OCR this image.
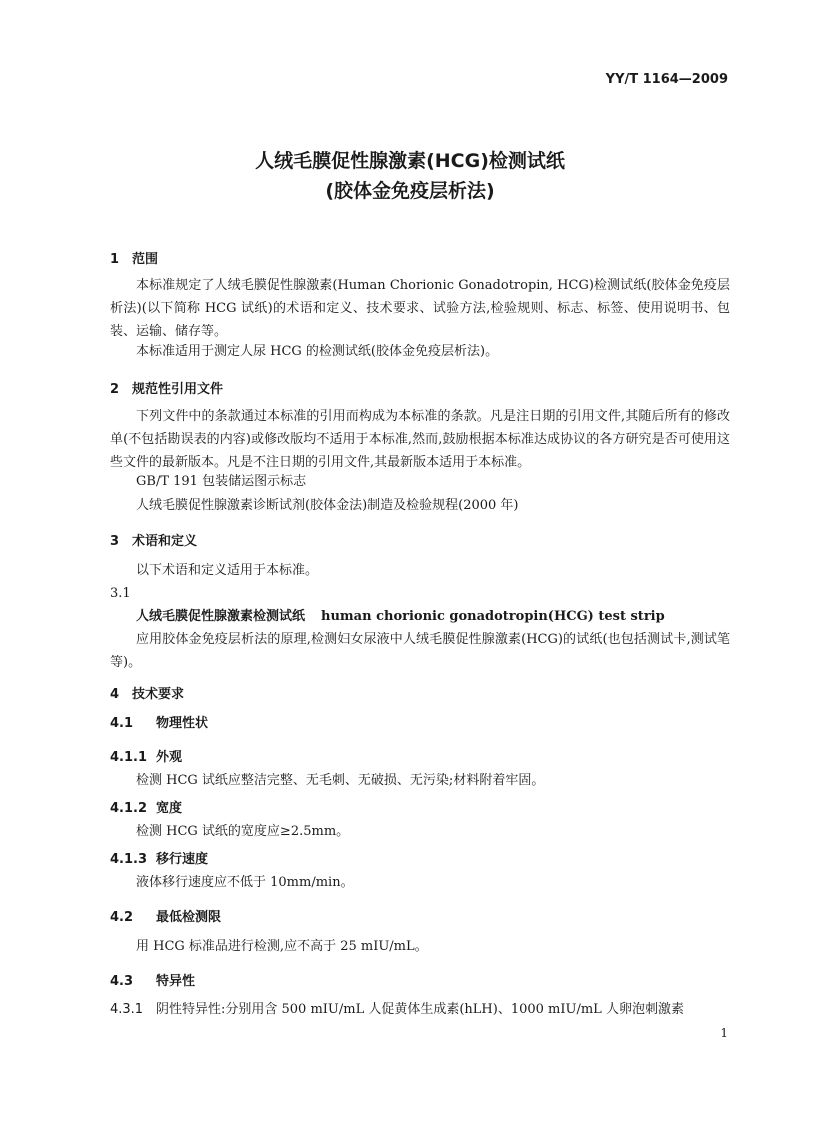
YY/T 1164—2009
人绒毛膜促性腺激素(HCG)检测试纸
(胶体金免疫层析法)
1 范围
本标准规定了人绒毛膜促性腺激素(Human Chorionic Gonadotropin, HCG)检测试纸(胶体金免疫层析法)(以下简称 HCG 试纸)的术语和定义、技术要求、试验方法,检验规则、标志、标签、使用说明书、包装、运输、储存等。
本标准适用于测定人尿 HCG 的检测试纸(胶体金免疫层析法)。
2 规范性引用文件
下列文件中的条款通过本标准的引用而构成为本标准的条款。凡是注日期的引用文件,其随后所有的修改单(不包括勘误表的内容)或修改版均不适用于本标准,然而,鼓励根据本标准达成协议的各方研究是否可使用这些文件的最新版本。凡是不注日期的引用文件,其最新版本适用于本标准。
GB/T 191 包装储运图示标志
人绒毛膜促性腺激素诊断试剂(胶体金法)制造及检验规程(2000 年)
3 术语和定义
以下术语和定义适用于本标准。
3.1
人绒毛膜促性腺激素检测试纸 human chorionic gonadotropin(HCG) test strip
应用胶体金免疫层析法的原理,检测妇女尿液中人绒毛膜促性腺激素(HCG)的试纸(也包括测试卡,测试笔等)。
4 技术要求
4.1 物理性状
4.1.1 外观
检测 HCG 试纸应整洁完整、无毛刺、无破损、无污染;材料附着牢固。
4.1.2 宽度
检测 HCG 试纸的宽度应≥2.5mm。
4.1.3 移行速度
液体移行速度应不低于 10mm/min。
4.2 最低检测限
用 HCG 标准品进行检测,应不高于 25 mIU/mL。
4.3 特异性
4.3.1 阴性特异性:分别用含 500 mIU/mL 人促黄体生成素(hLH)、1000 mIU/mL 人卵泡刺激素
1
